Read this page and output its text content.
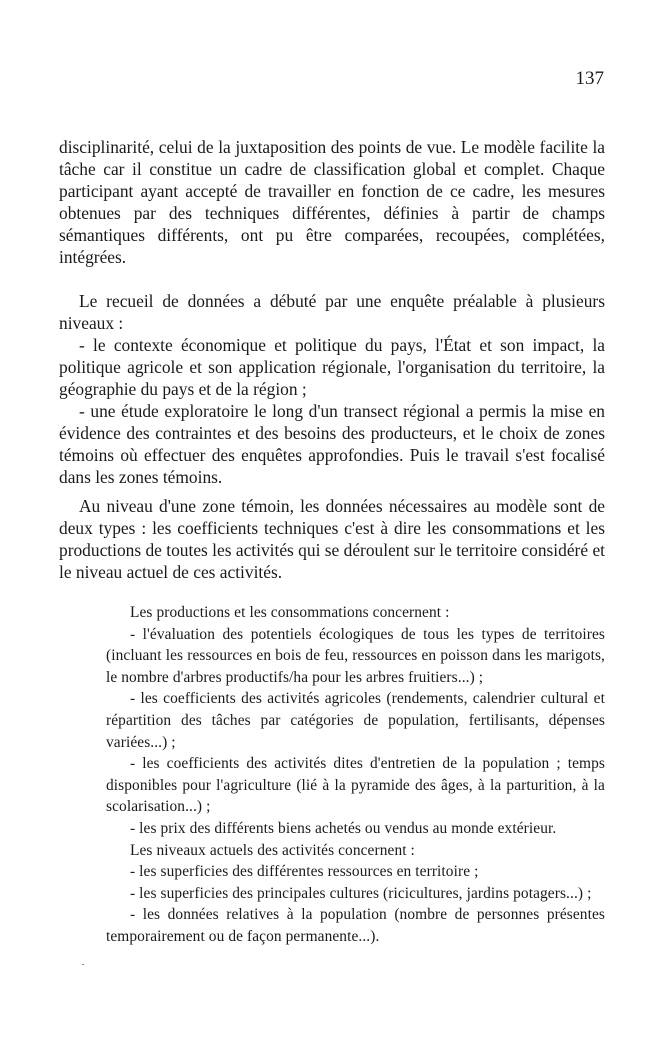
137

disciplinarité, celui de la juxtaposition des points de vue. Le modèle facilite la tâche car il constitue un cadre de classification global et complet. Chaque participant ayant accepté de travailler en fonction de ce cadre, les mesures obtenues par des techniques différentes, définies à partir de champs sémantiques différents, ont pu être comparées, recoupées, complétées, intégrées.

Le recueil de données a débuté par une enquête préalable à plusieurs niveaux :

- le contexte économique et politique du pays, l'État et son impact, la politique agricole et son application régionale, l'organisation du territoire, la géographie du pays et de la région ;

- une étude exploratoire le long d'un transect régional a permis la mise en évidence des contraintes et des besoins des producteurs, et le choix de zones témoins où effectuer des enquêtes approfondies. Puis le travail s'est focalisé dans les zones témoins.

Au niveau d'une zone témoin, les données nécessaires au modèle sont de deux types : les coefficients techniques c'est à dire les consommations et les productions de toutes les activités qui se déroulent sur le territoire considéré et le niveau actuel de ces activités.

Les productions et les consommations concernent :

- l'évaluation des potentiels écologiques de tous les types de territoires (incluant les ressources en bois de feu, ressources en poisson dans les marigots, le nombre d'arbres productifs/ha pour les arbres fruitiers...) ;

- les coefficients des activités agricoles (rendements, calendrier cultural et répartition des tâches par catégories de population, fertilisants, dépenses variées...) ;

- les coefficients des activités dites d'entretien de la population ; temps disponibles pour l'agriculture (lié à la pyramide des âges, à la parturition, à la scolarisation...) ;

- les prix des différents biens achetés ou vendus au monde extérieur.

Les niveaux actuels des activités concernent :

- les superficies des différentes ressources en territoire ;

- les superficies des principales cultures (ricicultures, jardins potagers...) ;

- les données relatives à la population (nombre de personnes présentes temporairement ou de façon permanente...).
